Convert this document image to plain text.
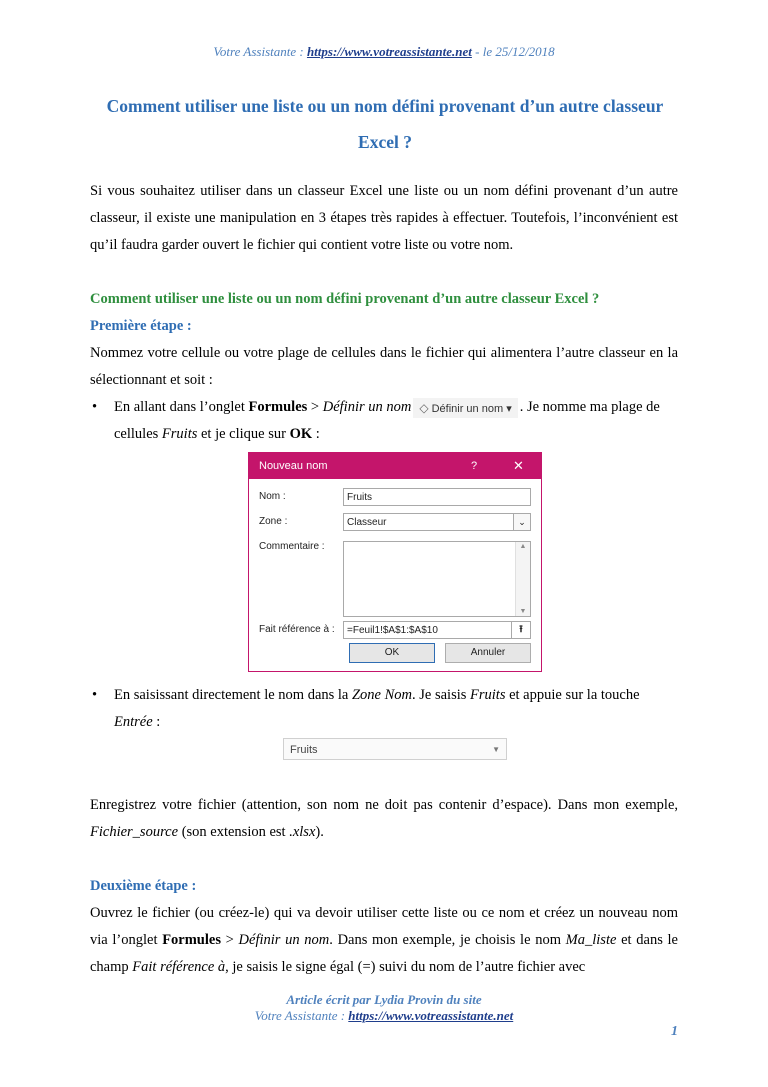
Votre Assistante : https://www.votreassistante.net - le 25/12/2018
Comment utiliser une liste ou un nom défini provenant d’un autre classeur Excel ?
Si vous souhaitez utiliser dans un classeur Excel une liste ou un nom défini provenant d’un autre classeur, il existe une manipulation en 3 étapes très rapides à effectuer. Toutefois, l’inconvénient est qu’il faudra garder ouvert le fichier qui contient votre liste ou votre nom.
Comment utiliser une liste ou un nom défini provenant d’un autre classeur Excel ?
Première étape :
Nommez votre cellule ou votre plage de cellules dans le fichier qui alimentera l’autre classeur en la sélectionnant et soit :
• En allant dans l’onglet Formules > Définir un nom ◇ Définir un nom ▾ . Je nomme ma plage de cellules Fruits et je clique sur OK :
Nouveau nom	?	✕
Nom :	Fruits
Zone :	Classeur	⌄
Commentaire :	▲
▼
Fait référence à :	=Feuil1!$A$1:$A$10	⭱
OK	Annuler
• En saisissant directement le nom dans la Zone Nom. Je saisis Fruits et appuie sur la touche Entrée :
Fruits	▼
Enregistrez votre fichier (attention, son nom ne doit pas contenir d’espace). Dans mon exemple, Fichier_source (son extension est .xlsx).
Deuxième étape :
Ouvrez le fichier (ou créez-le) qui va devoir utiliser cette liste ou ce nom et créez un nouveau nom via l’onglet Formules > Définir un nom. Dans mon exemple, je choisis le nom Ma_liste et dans le champ Fait référence à, je saisis le signe égal (=) suivi du nom de l’autre fichier avec
Article écrit par Lydia Provin du site
Votre Assistante : https://www.votreassistante.net
1
